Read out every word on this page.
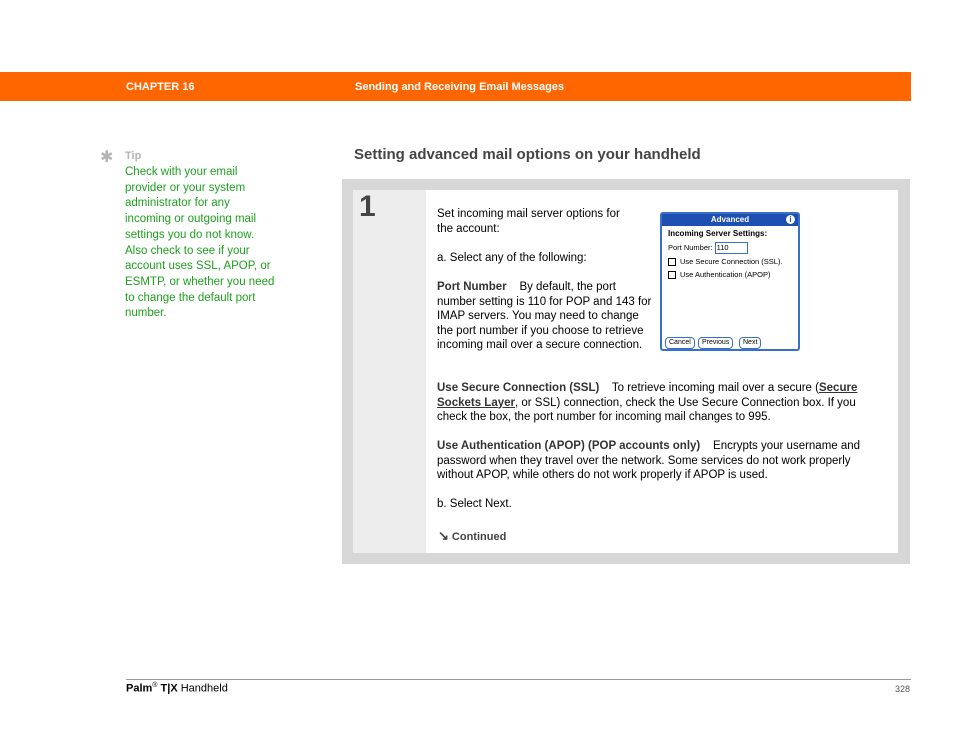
CHAPTER 16	Sending and Receiving Email Messages
✱ Tip
Check with your email provider or your system administrator for any incoming or outgoing mail settings you do not know. Also check to see if your account uses SSL, APOP, or ESMTP, or whether you need to change the default port number.
Setting advanced mail options on your handheld
1	Set incoming mail server options for the account:
a. Select any of the following:
Port Number By default, the port number setting is 110 for POP and 143 for IMAP servers. You may need to change the port number if you choose to retrieve incoming mail over a secure connection.
Use Secure Connection (SSL) To retrieve incoming mail over a secure (Secure Sockets Layer, or SSL) connection, check the Use Secure Connection box. If you check the box, the port number for incoming mail changes to 995.
Use Authentication (APOP) (POP accounts only) Encrypts your username and password when they travel over the network. Some services do not work properly without APOP, while others do not work properly if APOP is used.
b. Select Next.
↘ Continued
Advanced	i
Incoming Server Settings:
Port Number: 110
Use Secure Connection (SSL).
Use Authentication (APOP)
Cancel	Previous	Next
Palm® T|X Handheld	328
